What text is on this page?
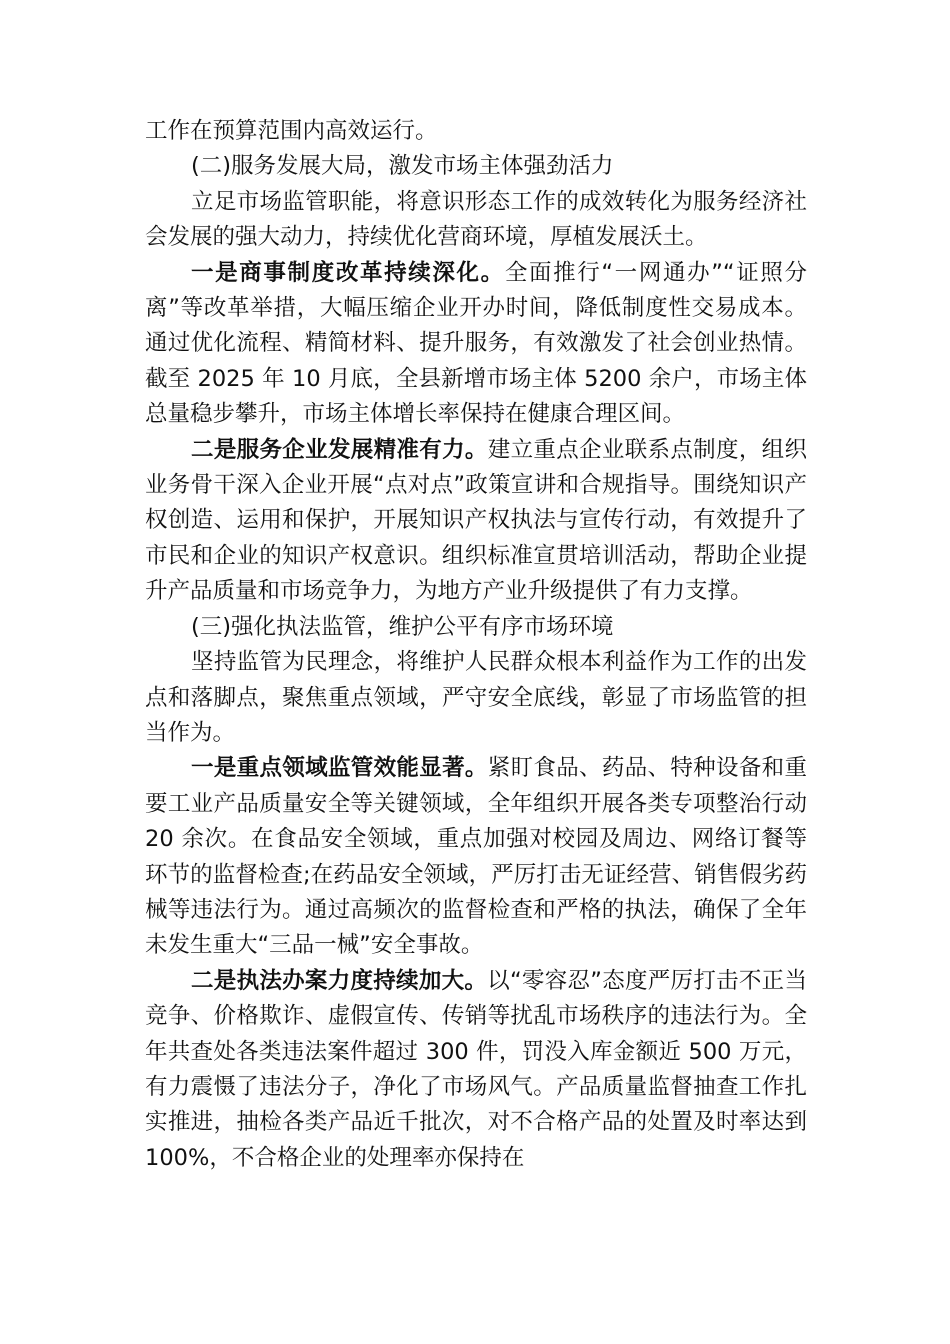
工作在预算范围内高效运行。

(二)服务发展大局，激发市场主体强劲活力

立足市场监管职能，将意识形态工作的成效转化为服务经济社会发展的强大动力，持续优化营商环境，厚植发展沃土。

一是商事制度改革持续深化。全面推行“一网通办”“证照分离”等改革举措，大幅压缩企业开办时间，降低制度性交易成本。通过优化流程、精简材料、提升服务，有效激发了社会创业热情。截至 2025 年 10 月底，全县新增市场主体 5200 余户，市场主体总量稳步攀升，市场主体增长率保持在健康合理区间。

二是服务企业发展精准有力。建立重点企业联系点制度，组织业务骨干深入企业开展“点对点”政策宣讲和合规指导。围绕知识产权创造、运用和保护，开展知识产权执法与宣传行动，有效提升了市民和企业的知识产权意识。组织标准宣贯培训活动，帮助企业提升产品质量和市场竞争力，为地方产业升级提供了有力支撑。

(三)强化执法监管，维护公平有序市场环境

坚持监管为民理念，将维护人民群众根本利益作为工作的出发点和落脚点，聚焦重点领域，严守安全底线，彰显了市场监管的担当作为。

一是重点领域监管效能显著。紧盯食品、药品、特种设备和重要工业产品质量安全等关键领域，全年组织开展各类专项整治行动 20 余次。在食品安全领域，重点加强对校园及周边、网络订餐等环节的监督检查;在药品安全领域，严厉打击无证经营、销售假劣药械等违法行为。通过高频次的监督检查和严格的执法，确保了全年未发生重大“三品一械”安全事故。

二是执法办案力度持续加大。以“零容忍”态度严厉打击不正当竞争、价格欺诈、虚假宣传、传销等扰乱市场秩序的违法行为。全年共查处各类违法案件超过 300 件，罚没入库金额近 500 万元，有力震慑了违法分子，净化了市场风气。产品质量监督抽查工作扎实推进，抽检各类产品近千批次，对不合格产品的处置及时率达到 100%，不合格企业的处理率亦保持在
